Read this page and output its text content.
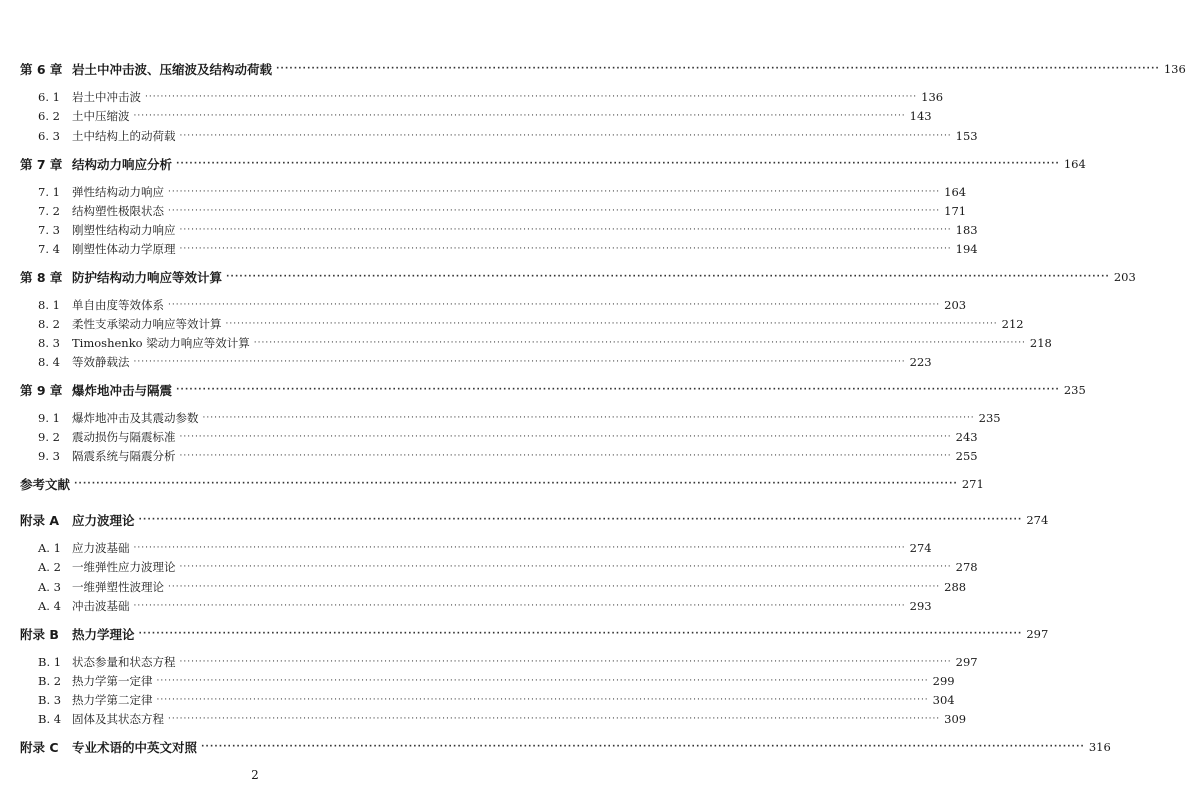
第 6 章 岩土中冲击波、压缩波及结构动荷载 ········································································································································································································ 136
6. 1 岩土中冲击波 ········································································································································································································ 136
6. 2 土中压缩波 ········································································································································································································ 143
6. 3 土中结构上的动荷载 ········································································································································································································ 153
第 7 章 结构动力响应分析 ········································································································································································································ 164
7. 1 弹性结构动力响应 ········································································································································································································ 164
7. 2 结构塑性极限状态 ········································································································································································································ 171
7. 3 刚塑性结构动力响应 ········································································································································································································ 183
7. 4 刚塑性体动力学原理 ········································································································································································································ 194
第 8 章 防护结构动力响应等效计算 ········································································································································································································ 203
8. 1 单自由度等效体系 ········································································································································································································ 203
8. 2 柔性支承梁动力响应等效计算 ········································································································································································································ 212
8. 3 Timoshenko 梁动力响应等效计算 ········································································································································································································ 218
8. 4 等效静载法 ········································································································································································································ 223
第 9 章 爆炸地冲击与隔震 ········································································································································································································ 235
9. 1 爆炸地冲击及其震动参数 ········································································································································································································ 235
9. 2 震动损伤与隔震标准 ········································································································································································································ 243
9. 3 隔震系统与隔震分析 ········································································································································································································ 255
参考文献 ········································································································································································································ 271
附录 A 应力波理论 ········································································································································································································ 274
A. 1 应力波基础 ········································································································································································································ 274
A. 2 一维弹性应力波理论 ········································································································································································································ 278
A. 3 一维弹塑性波理论 ········································································································································································································ 288
A. 4 冲击波基础 ········································································································································································································ 293
附录 B 热力学理论 ········································································································································································································ 297
B. 1 状态参量和状态方程 ········································································································································································································ 297
B. 2 热力学第一定律 ········································································································································································································ 299
B. 3 热力学第二定律 ········································································································································································································ 304
B. 4 固体及其状态方程 ········································································································································································································ 309
附录 C 专业术语的中英文对照 ········································································································································································································ 316
2
